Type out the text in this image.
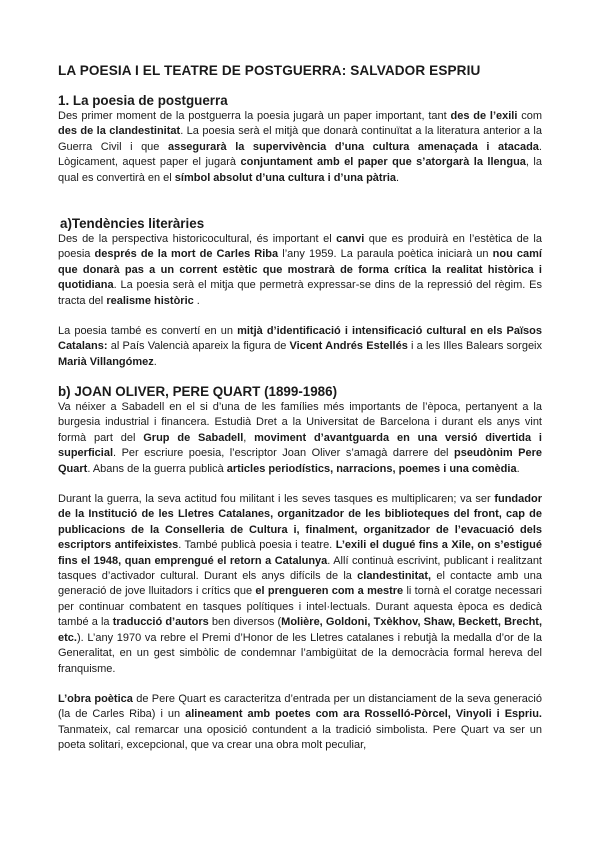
LA POESIA I EL TEATRE DE POSTGUERRA: SALVADOR ESPRIU
1. La poesia de postguerra

Des primer moment de la postguerra la poesia jugarà un paper important, tant des de l’exili com des de la clandestinitat. La poesia serà el mitjà que donarà continuïtat a la literatura anterior a la Guerra Civil i que assegurarà la supervivència d’una cultura amenaçada i atacada. Lògicament, aquest paper el jugarà conjuntament amb el paper que s’atorgarà la llengua, la qual es convertirà en el símbol absolut d’una cultura i d’una pàtria.

a)Tendències literàries

Des de la perspectiva historicocultural, és important el canvi que es produirà en l’estètica de la poesia després de la mort de Carles Riba l’any 1959. La paraula poètica iniciarà un nou camí que donarà pas a un corrent estètic que mostrarà de forma crítica la realitat històrica i quotidiana. La poesia serà el mitja que permetrà expressar-se dins de la repressió del règim. Es tracta del realisme històric .

La poesia també es convertí en un mitjà d’identificació i intensificació cultural en els Països Catalans: al País Valencià apareix la figura de Vicent Andrés Estellés i a les Illes Balears sorgeix Marià Villangómez.

b) JOAN OLIVER, PERE QUART (1899-1986)

Va néixer a Sabadell en el si d’una de les famílies més importants de l’època, pertanyent a la burgesia industrial i financera. Estudià Dret a la Universitat de Barcelona i durant els anys vint formà part del Grup de Sabadell, moviment d’avantguarda en una versió divertida i superficial. Per escriure poesia, l’escriptor Joan Oliver s’amagà darrere del pseudònim Pere Quart. Abans de la guerra publicà articles periodístics, narracions, poemes i una comèdia.

Durant la guerra, la seva actitud fou militant i les seves tasques es multiplicaren; va ser fundador de la Institució de les Lletres Catalanes, organitzador de les biblioteques del front, cap de publicacions de la Conselleria de Cultura i, finalment, organitzador de l’evacuació dels escriptors antifeixistes. També publicà poesia i teatre. L’exili el dugué fins a Xile, on s’estigué fins el 1948, quan emprengué el retorn a Catalunya. Allí continuà escrivint, publicant i realitzant tasques d’activador cultural. Durant els anys difícils de la clandestinitat, el contacte amb una generació de jove lluitadors i crítics que el prengueren com a mestre li tornà el coratge necessari per continuar combatent en tasques polítiques i intel·lectuals. Durant aquesta època es dedicà també a la traducció d’autors ben diversos (Molière, Goldoni, Txèkhov, Shaw, Beckett, Brecht, etc.). L’any 1970 va rebre el Premi d’Honor de les Lletres catalanes i rebutjà la medalla d’or de la Generalitat, en un gest simbòlic de condemnar l’ambigüitat de la democràcia formal hereva del franquisme.

L’obra poètica de Pere Quart es caracteritza d’entrada per un distanciament de la seva generació (la de Carles Riba) i un alineament amb poetes com ara Rosselló-Pòrcel, Vinyoli i Espriu. Tanmateix, cal remarcar una oposició contundent a la tradició simbolista. Pere Quart va ser un poeta solitari, excepcional, que va crear una obra molt peculiar,
